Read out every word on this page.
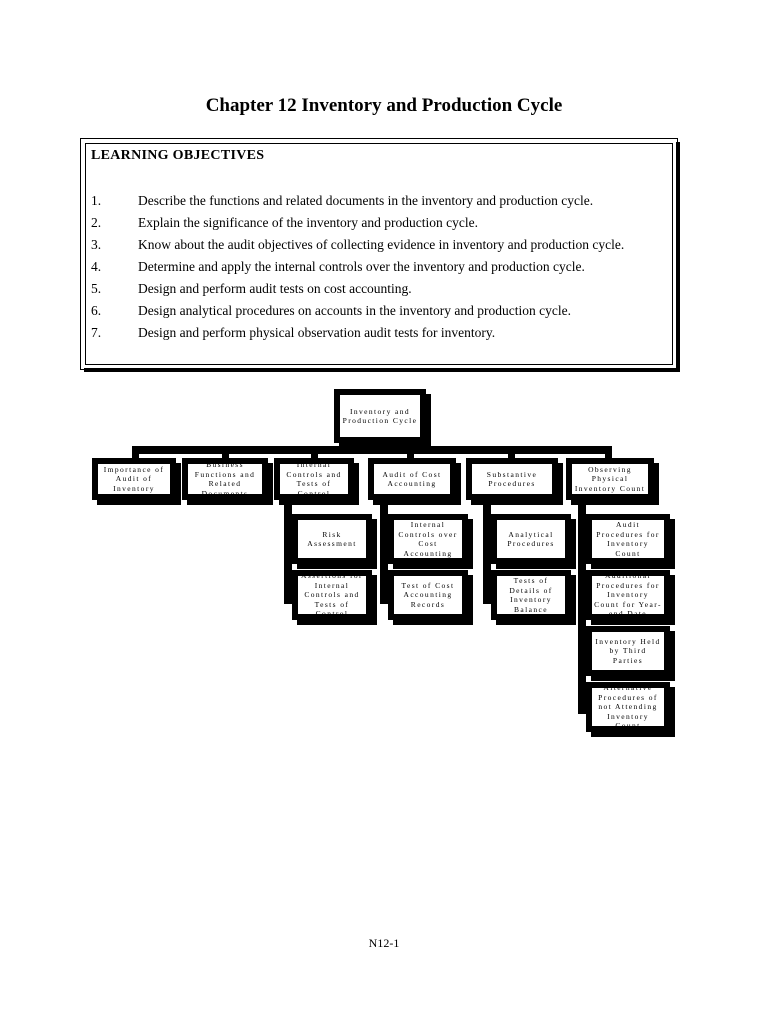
Chapter 12 Inventory and Production Cycle
LEARNING OBJECTIVES
1.	Describe the functions and related documents in the inventory and production cycle.
2.	Explain the significance of the inventory and production cycle.
3.	Know about the audit objectives of collecting evidence in inventory and production cycle.
4.	Determine and apply the internal controls over the inventory and production cycle.
5.	Design and perform audit tests on cost accounting.
6.	Design analytical procedures on accounts in the inventory and production cycle.
7.	Design and perform physical observation audit tests for inventory.
Inventory and Production Cycle
Importance of Audit of Inventory
Business Functions and Related Documents
Internal Controls and Tests of Control
Audit of Cost Accounting
Substantive Procedures
Observing Physical Inventory Count
Risk Assessment
Assertions for Internal Controls and Tests of Control
Internal Controls over Cost Accounting
Test of Cost Accounting Records
Analytical Procedures
Tests of Details of Inventory Balance
Audit Procedures for Inventory Count
Additional Procedures for Inventory Count for Year-end Date
Inventory Held by Third Parties
Alternative Procedures of not Attending Inventory Count
N12-1
